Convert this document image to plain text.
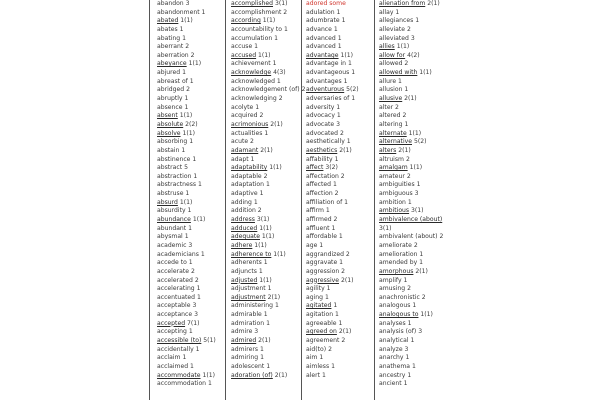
abandon 3
abandonment 1
abated 1(1)
abates 1
abating 1
aberrant 2
aberration 2
abeyance 1(1)
abjured 1
abreast of 1
abridged 2
abruptly 1
absence 1
absent 1(1)
absolute 2(2)
absolve 1(1)
absorbing 1
abstain 1
abstinence 1
abstract 5
abstraction 1
abstractness 1
abstruse 1
absurd 1(1)
absurdity 1
abundance 1(1)
abundant 1
abysmal 1
academic 3
academicians 1
accede to 1
accelerate 2
accelerated 2
accelerating 1
accentuated 1
acceptable 3
acceptance 3
accepted 7(1)
accepting 1
accessible (to) 5(1)
accidentally 1
acclaim 1
acclaimed 1
accommodate 1(1)
accommodation 1
accomplished 3(1)
accomplishment 2
according 1(1)
accountability to 1
accumulation 1
accuse 1
accused 1(1)
achievement 1
acknowledge 4(3)
acknowledged 1
acknowledgement (of) 2
acknowledging 2
acolyte 1
acquired 2
acrimonious 2(1)
actualities 1
acute 2
adamant 2(1)
adapt 1
adaptability 1(1)
adaptable 2
adaptation 1
adaptive 1
adding 1
addition 2
address 3(1)
adduced 1(1)
adequate 1(1)
adhere 1(1)
adherence to 1(1)
adherents 1
adjuncts 1
adjusted 1(1)
adjustment 1
adjustment 2(1)
administering 1
admirable 1
admiration 1
admire 3
admired 2(1)
admirers 1
admiring 1
adolescent 1
adoration (of) 2(1)
adored some
adulation 1
adumbrate 1
advance 1
advanced 1
advanced 1
advantage 1(1)
advantage in 1
advantageous 1
advantages 1
adventurous 5(2)
adversaries of 1
adversity 1
advocacy 1
advocate 3
advocated 2
aesthetically 1
aesthetics 2(1)
affability 1
affect 3(2)
affectation 2
affected 1
affection 2
affiliation of 1
affirm 1
affirmed 2
affluent 1
affordable 1
age 1
aggrandized 2
aggravate 1
aggression 2
aggressive 2(1)
agility 1
aging 1
agitated 1
agitation 1
agreeable 1
agreed on 2(1)
agreement 2
aid(to) 2
aim 1
aimless 1
alert 1
alienation from 2(1)
allay 1
allegiances 1
alleviate 2
alleviated 3
allies 1(1)
allow for 4(2)
allowed 2
allowed with 1(1)
allure 1
allusion 1
allusive 2(1)
alter 2
altered 2
altering 1
alternate 1(1)
alternative 5(2)
alters 2(1)
altruism 2
amalgam 1(1)
amateur 2
ambiguities 1
ambiguous 3
ambition 1
ambitious 3(1)
ambivalence (about)
3(1)
ambivalent (about) 2
ameliorate 2
amelioration 1
amended by 1
amorphous 2(1)
amplify 1
amusing 2
anachronistic 2
analogous 1
analogous to 1(1)
analyses 1
analysis (of) 3
analytical 1
analyze 3
anarchy 1
anathema 1
ancestry 1
ancient 1
